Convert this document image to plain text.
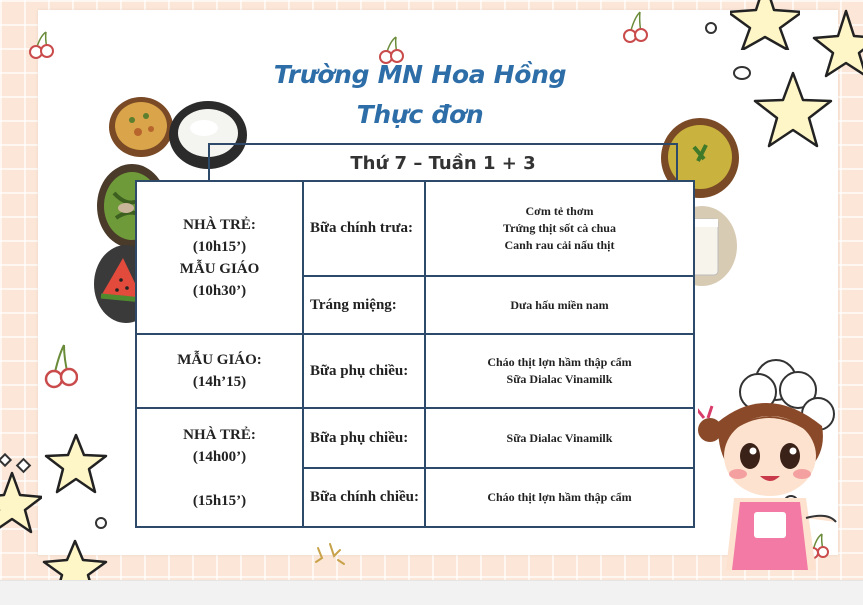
Trường MN Hoa Hồng
Thực đơn
Thứ 7 – Tuần 1 + 3
NHÀ TRẺ:
(10h15’)
MẪU GIÁO
(10h30’)	Bữa chính trưa:	Cơm tẻ thơm
Trứng thịt sốt cà chua
Canh rau cải nấu thịt

	Tráng miệng:	Dưa hấu miền nam

MẪU GIÁO:
(14h’15)	Bữa phụ chiều:	Cháo thịt lợn hầm thập cẩm
Sữa Dialac Vinamilk

NHÀ TRẺ:
(14h00’)
(15h15’)	Bữa phụ chiều:	Sữa Dialac Vinamilk

	Bữa chính chiều:	Cháo thịt lợn hầm thập cẩm
